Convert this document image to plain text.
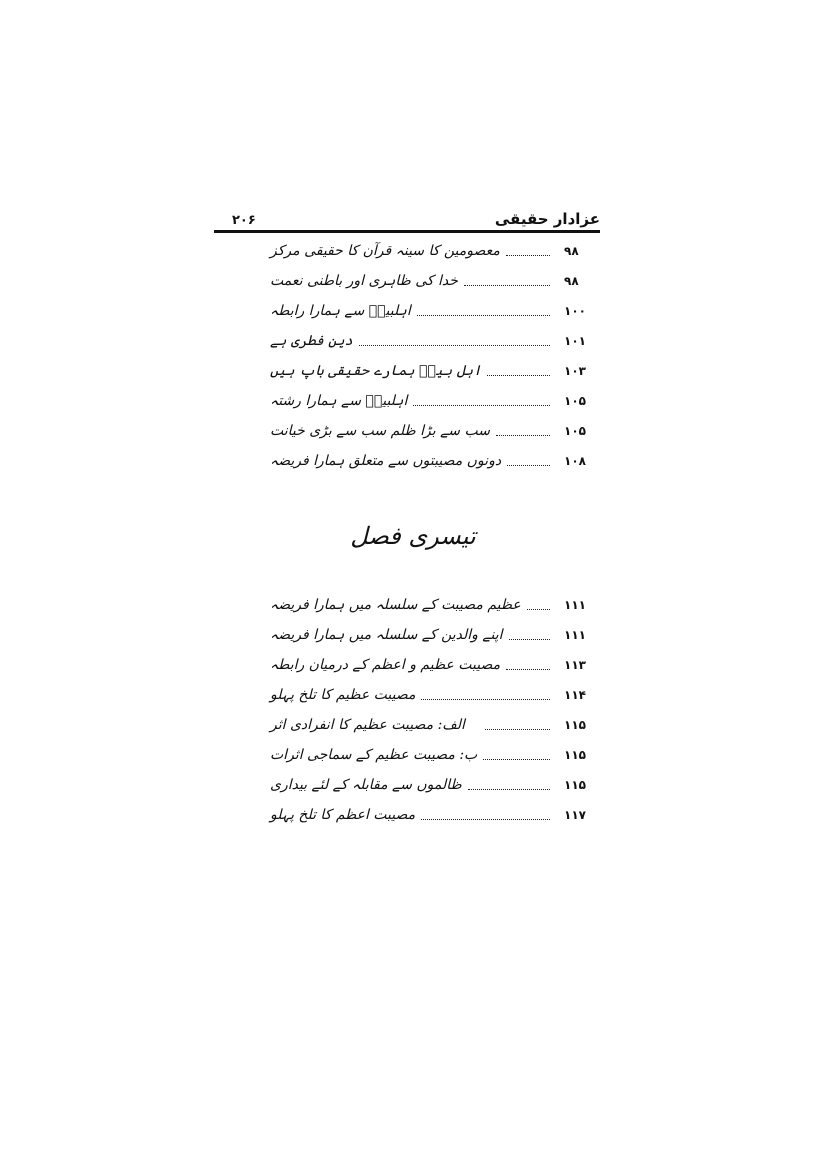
۲۰۶	عزادار حقیقی
معصومین کا سینہ قرآن کا حقیقی مرکز	۹۸
خدا کی ظاہری اور باطنی نعمت	۹۸
اہلبیتؑ سے ہمارا رابطہ	۱۰۰
دین فطری ہے	۱۰۱
اہل بیتؑ ہمارے حقیقی باپ ہیں	۱۰۳
اہلبیتؑ سے ہمارا رشتہ	۱۰۵
سب سے بڑا ظلم سب سے بڑی خیانت	۱۰۵
دونوں مصیبتوں سے متعلق ہمارا فریضہ	۱۰۸
تیسری فصل
عظیم مصیبت کے سلسلہ میں ہمارا فریضہ	۱۱۱
اپنے والدین کے سلسلہ میں ہمارا فریضہ	۱۱۱
مصیبت عظیم و اعظم کے درمیان رابطہ	۱۱۳
مصیبت عظیم کا تلخ پہلو	۱۱۴
الف: مصیبت عظیم کا انفرادی اثر	۱۱۵
ب: مصیبت عظیم کے سماجی اثرات	۱۱۵
ظالموں سے مقابلہ کے لئے بیداری	۱۱۵
مصیبت اعظم کا تلخ پہلو	۱۱۷
